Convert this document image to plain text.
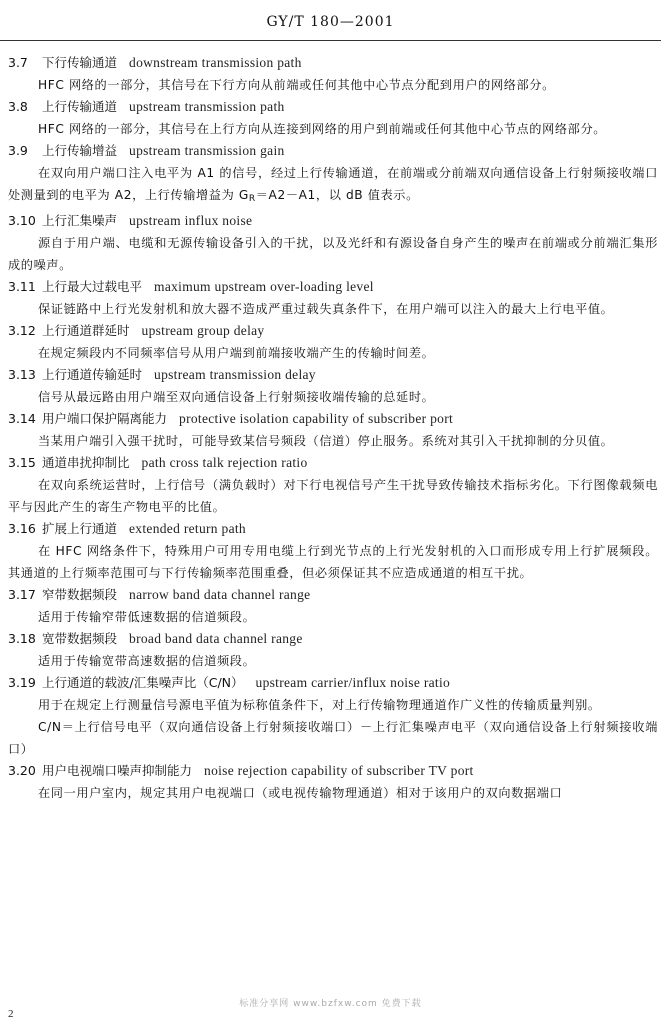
GY/T 180—2001
3.7 下行传输通道 downstream transmission path

HFC 网络的一部分，其信号在下行方向从前端或任何其他中心节点分配到用户的网络部分。

3.8 上行传输通道 upstream transmission path

HFC 网络的一部分，其信号在上行方向从连接到网络的用户到前端或任何其他中心节点的网络部分。

3.9 上行传输增益 upstream transmission gain

在双向用户端口注入电平为 A1 的信号，经过上行传输通道，在前端或分前端双向通信设备上行射频接收端口处测量到的电平为 A2，上行传输增益为 $G_R=A2-A1$，以 dB 值表示。

3.10 上行汇集噪声 upstream influx noise

源自于用户端、电缆和无源传输设备引入的干扰，以及光纤和有源设备自身产生的噪声在前端或分前端汇集形成的噪声。

3.11 上行最大过载电平 maximum upstream over-loading level

保证链路中上行光发射机和放大器不造成严重过载失真条件下，在用户端可以注入的最大上行电平值。

3.12 上行通道群延时 upstream group delay

在规定频段内不同频率信号从用户端到前端接收端产生的传输时间差。

3.13 上行通道传输延时 upstream transmission delay

信号从最远路由用户端至双向通信设备上行射频接收端传输的总延时。

3.14 用户端口保护隔离能力 protective isolation capability of subscriber port

当某用户端引入强干扰时，可能导致某信号频段（信道）停止服务。系统对其引入干扰抑制的分贝值。

3.15 通道串扰抑制比 path cross talk rejection ratio

在双向系统运营时，上行信号（满负载时）对下行电视信号产生干扰导致传输技术指标劣化。下行图像载频电平与因此产生的寄生产物电平的比值。

3.16 扩展上行通道 extended return path

在 HFC 网络条件下，特殊用户可用专用电缆上行到光节点的上行光发射机的入口而形成专用上行扩展频段。其通道的上行频率范围可与下行传输频率范围重叠，但必须保证其不应造成通道的相互干扰。

3.17 窄带数据频段 narrow band data channel range

适用于传输窄带低速数据的信道频段。

3.18 宽带数据频段 broad band data channel range

适用于传输宽带高速数据的信道频段。

3.19 上行通道的载波/汇集噪声比（C/N） upstream carrier/influx noise ratio

用于在规定上行测量信号源电平值为标称值条件下，对上行传输物理通道作广义性的传输质量判别。

C/N＝上行信号电平（双向通信设备上行射频接收端口）－上行汇集噪声电平（双向通信设备上行射频接收端口）

3.20 用户电视端口噪声抑制能力 noise rejection capability of subscriber TV port

在同一用户室内，规定其用户电视端口（或电视传输物理通道）相对于该用户的双向数据端口

标准分享网 www.bzfxw.com 免费下载
2
